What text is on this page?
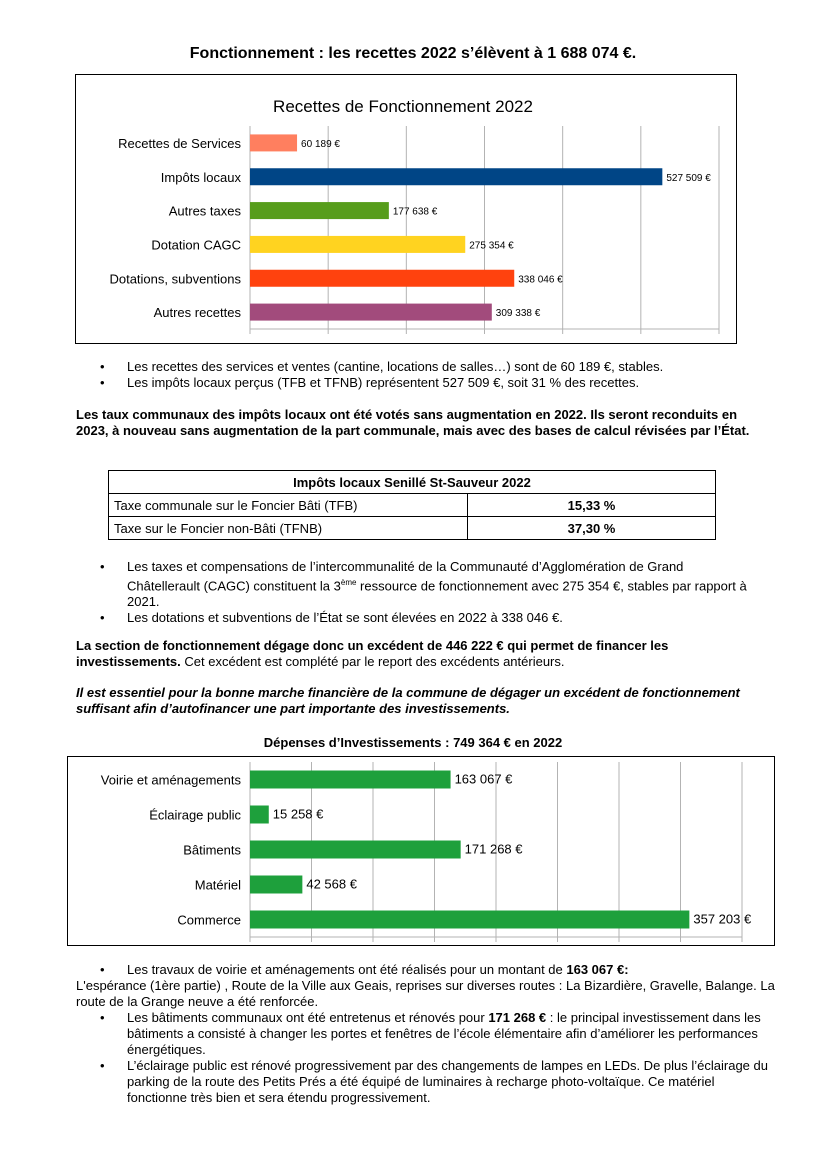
Fonctionnement : les recettes 2022 s’élèvent à 1 688 074 €.
Recettes de Fonctionnement 2022
Recettes de Services	60 189 €
Impôts locaux	527 509 €
Autres taxes	177 638 €
Dotation CAGC	275 354 €
Dotations, subventions	338 046 €
Autres recettes	309 338 €
• Les recettes des services et ventes (cantine, locations de salles…) sont de 60 189 €, stables.
• Les impôts locaux perçus (TFB et TFNB) représentent 527 509 €, soit 31 % des recettes.
Les taux communaux des impôts locaux ont été votés sans augmentation en 2022. Ils seront reconduits en 2023, à nouveau sans augmentation de la part communale, mais avec des bases de calcul révisées par l’État.
Impôts locaux Senillé St-Sauveur 2022	
Taxe communale sur le Foncier Bâti (TFB)	15,33 %
Taxe sur le Foncier non-Bâti (TFNB)	37,30 %
• Les taxes et compensations de l’intercommunalité de la Communauté d’Agglomération de Grand Châtellerault (CAGC) constituent la 3ème ressource de fonctionnement avec 275 354 €, stables par rapport à 2021.
• Les dotations et subventions de l’État se sont élevées en 2022 à 338 046 €.
La section de fonctionnement dégage donc un excédent de 446 222 € qui permet de financer les investissements. Cet excédent est complété par le report des excédents antérieurs.
Il est essentiel pour la bonne marche financière de la commune de dégager un excédent de fonctionnement suffisant afin d’autofinancer une part importante des investissements.
Dépenses d’Investissements : 749 364 € en 2022
Voirie et aménagements	163 067 €
Éclairage public 15 258 €
Bâtiments	171 268 €
Matériel	42 568 €
Commerce	357 203 €
• Les travaux de voirie et aménagements ont été réalisés pour un montant de 163 067 €:
L'espérance (1ère partie) , Route de la Ville aux Geais, reprises sur diverses routes : La Bizardière, Gravelle, Balange. La route de la Grange neuve a été renforcée.
• Les bâtiments communaux ont été entretenus et rénovés pour 171 268 € : le principal investissement dans les bâtiments a consisté à changer les portes et fenêtres de l’école élémentaire afin d’améliorer les performances énergétiques.
• L’éclairage public est rénové progressivement par des changements de lampes en LEDs. De plus l’éclairage du parking de la route des Petits Prés a été équipé de luminaires à recharge photo-voltaïque. Ce matériel fonctionne très bien et sera étendu progressivement.
